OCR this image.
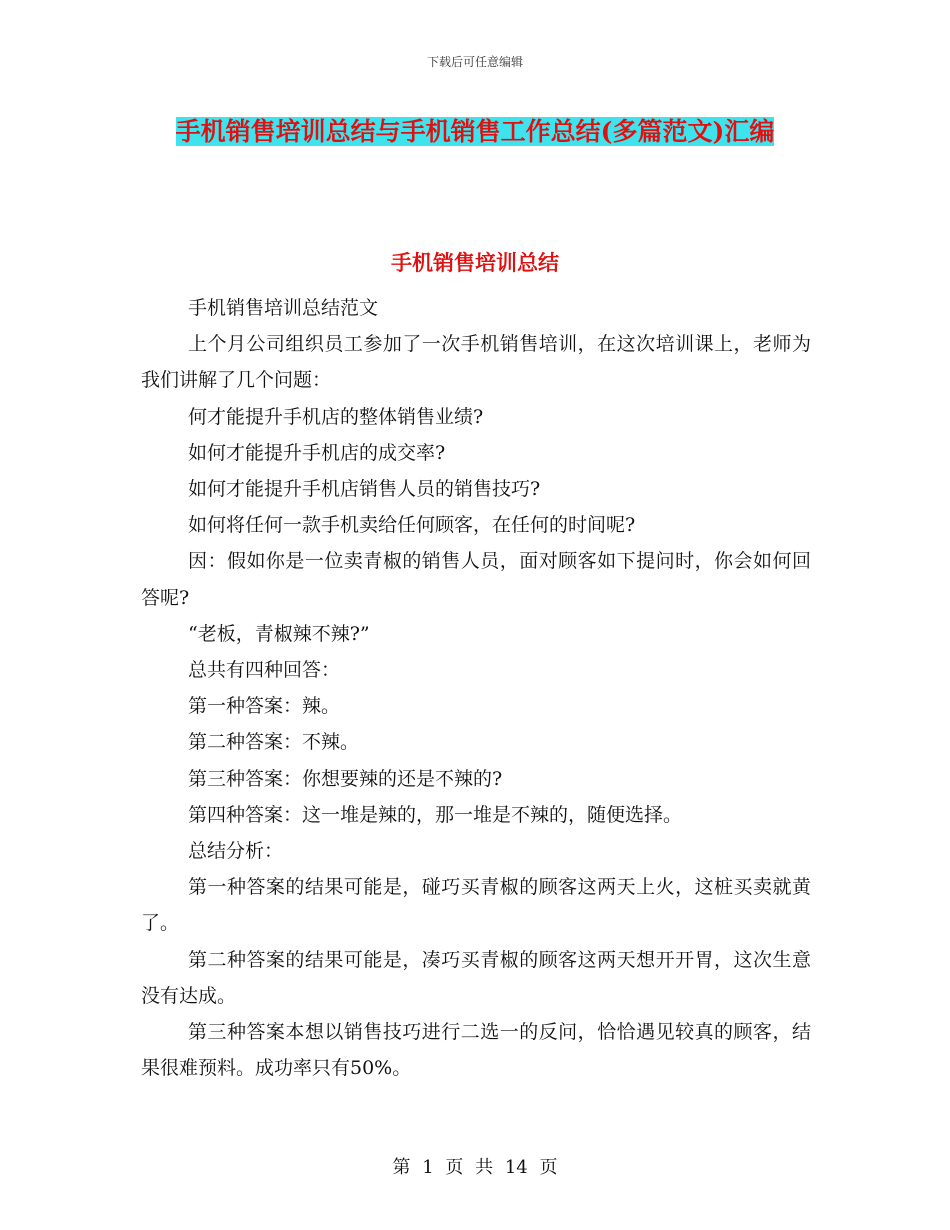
下载后可任意编辑
手机销售培训总结与手机销售工作总结(多篇范文)汇编
手机销售培训总结

手机销售培训总结范文

上个月公司组织员工参加了一次手机销售培训，在这次培训课上，老师为我们讲解了几个问题：

何才能提升手机店的整体销售业绩?

如何才能提升手机店的成交率?

如何才能提升手机店销售人员的销售技巧?

如何将任何一款手机卖给任何顾客，在任何的时间呢?

因：假如你是一位卖青椒的销售人员，面对顾客如下提问时，你会如何回答呢?

“老板，青椒辣不辣?”

总共有四种回答：

第一种答案：辣。

第二种答案：不辣。

第三种答案：你想要辣的还是不辣的?

第四种答案：这一堆是辣的，那一堆是不辣的，随便选择。

总结分析：

第一种答案的结果可能是，碰巧买青椒的顾客这两天上火，这桩买卖就黄了。

第二种答案的结果可能是，凑巧买青椒的顾客这两天想开开胃，这次生意没有达成。

第三种答案本想以销售技巧进行二选一的反问，恰恰遇见较真的顾客，结果很难预料。成功率只有50%。

第 1 页 共 14 页
